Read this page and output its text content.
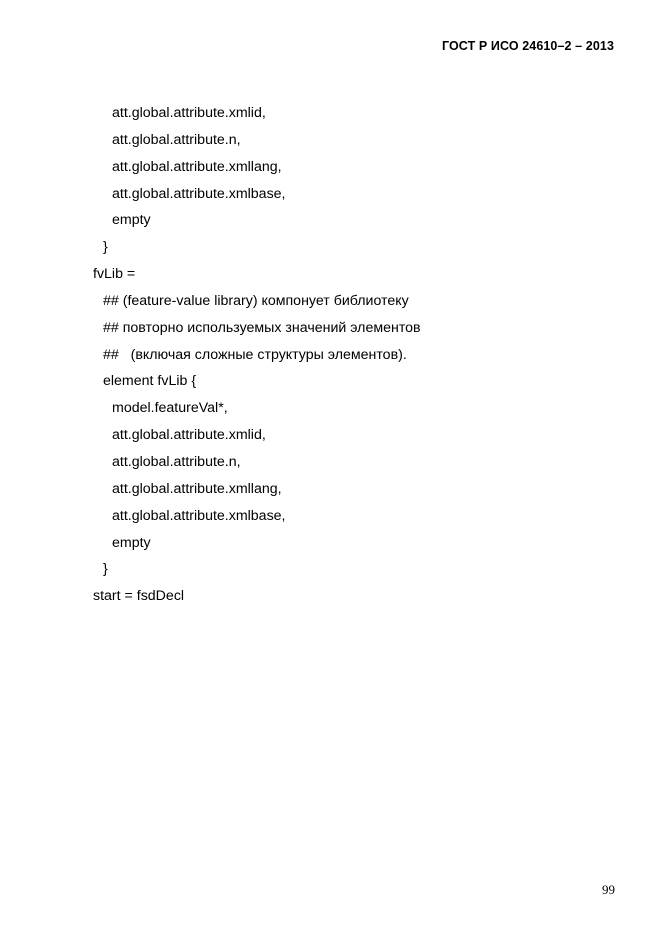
ГОСТ Р ИСО 24610–2 – 2013
att.global.attribute.xmlid,
att.global.attribute.n,
att.global.attribute.xmllang,
att.global.attribute.xmlbase,
empty
}
fvLib =
## (feature-value library) компонует библиотеку
## повторно используемых значений элементов
##   (включая сложные структуры элементов).
element fvLib {
model.featureVal*,
att.global.attribute.xmlid,
att.global.attribute.n,
att.global.attribute.xmllang,
att.global.attribute.xmlbase,
empty
}
start = fsdDecl
99
